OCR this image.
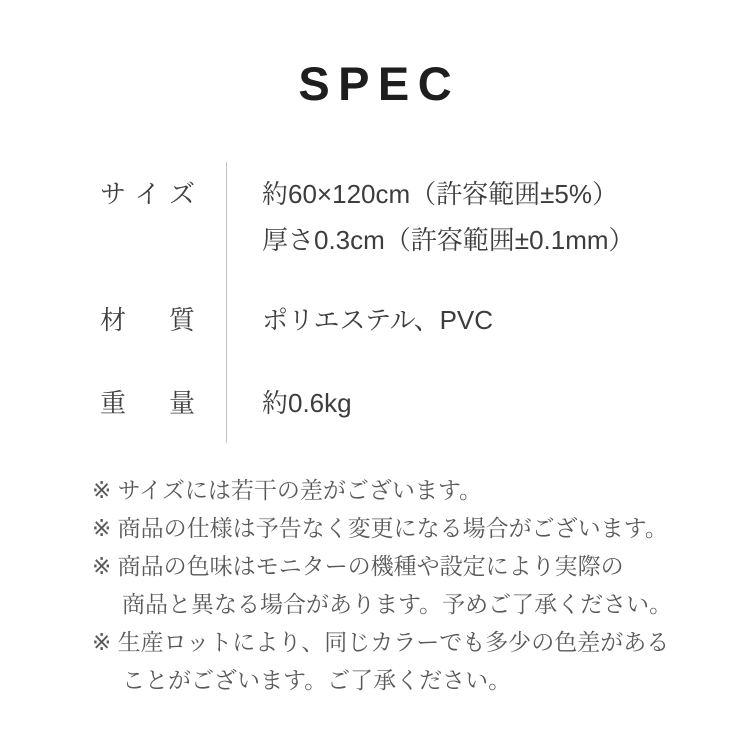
SPEC
サ イ ズ	約60×120cm（許容範囲±5%）
厚さ0.3cm（許容範囲±0.1mm）
材 質	ポリエステル、PVC
重 量	約0.6kg

※ サイズには若干の差がございます。

※ 商品の仕様は予告なく変更になる場合がございます。

※ 商品の色味はモニターの機種や設定により実際の
商品と異なる場合があります。予めご了承ください。

※ 生産ロットにより、同じカラーでも多少の色差がある
ことがございます。ご了承ください。
